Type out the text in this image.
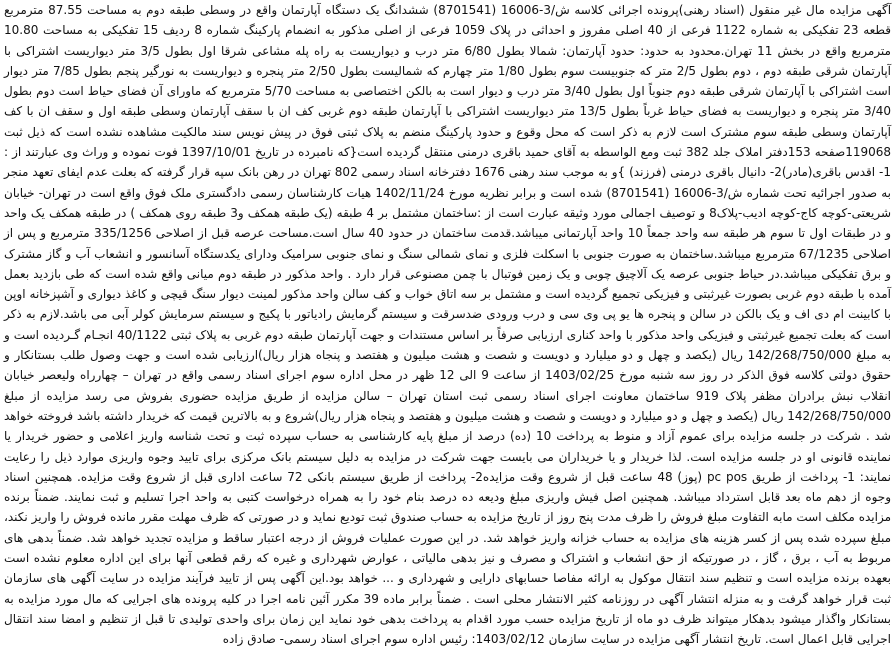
آگهی مزایده مال غیر منقول (اسناد رهنی)پرونده اجرائی کلاسه ش/3-16006 (8701541) ششدانگ یک دستگاه آپارتمان واقع در وسطی طبقه دوم به مساحت 87.55 مترمربع قطعه 23 تفکیکی به شماره 1122 فرعی از 40 اصلی مفروز و احداثی در پلاک 1059 فرعی از اصلی مذکور به انضمام پارکینگ شماره 8 ردیف 15 تفکیکی به مساحت 10.80 مترمربع واقع در بخش 11 تهران.محدود به حدود: حدود آپارتمان: شمالا بطول 6/80 متر درب و دیواریست به راه پله مشاعی شرقا اول بطول 3/5 متر دیواریست اشتراکی با آپارتمان شرقی طبقه دوم ، دوم بطول 2/5 متر که جنوبیست سوم بطول 1/80 متر چهارم که شمالیست بطول 2/50 متر پنجره و دیواریست به نورگیر پنجم بطول 7/85 متر دیوار است اشتراکی با آپارتمان شرقی طبقه دوم جنوباً اول بطول 3/40 متر درب و دیوار است به بالکن اختصاصی به مساحت 5/70 مترمربع که ماورای آن فضای حیاط است دوم بطول 3/40 متر پنجره و دیواریست به فضای حیاط غرباً بطول 13/5 متر دیواریست اشتراکی با آپارتمان طبقه دوم غربی کف ان با سقف آپارتمان وسطی طبقه اول و سقف ان با کف آپارتمان وسطی طبقه سوم مشترک است لازم به ذکر است که محل وقوع و حدود پارکینگ منضم به پلاک ثبتی فوق در پیش نویس سند مالکیت مشاهده نشده است که ذیل ثبت 119068صفحه 153دفتر املاک جلد 382 ثبت ومع الواسطه به آقای حمید باقری درمنی منتقل گردیده است{که نامبرده در تاریخ 1397/10/01 فوت نموده و وراث وی عبارتند از : 1- اقدس باقری(مادر)2- دانیال باقری درمنی (فرزند) }و به موجب سند رهنی 1676 دفترخانه اسناد رسمی 802 تهران در رهن بانک سپه قرار گرفته که بعلت عدم ایفای تعهد منجر به صدور اجرائیه تحت شماره ش/3-16006 (8701541) شده است و برابر نظریه مورخ 1402/11/24 هیات کارشناسان رسمی دادگستری ملک فوق واقع است در تهران- خیابان شریعتی-کوچه کاج-کوچه ادیب-پلاک8 و توصیف اجمالی مورد وثیقه عبارت است از :ساختمان مشتمل بر 4 طبقه (یک طبقه همکف و3 طبقه روی همکف ) در طبقه همکف یک واحد و در طبقات اول تا سوم هر طبقه سه واحد جمعاً 10 واحد آپارتمانی میباشد.قدمت ساختمان در حدود 40 سال است.مساحت عرصه قبل از اصلاحی 335/1256 مترمربع و پس از اصلاحی 67/1235 مترمربع میباشد.ساختمان به صورت جنوبی با اسکلت فلزی و نمای شمالی سنگ و نمای جنوبی سرامیک ودارای یکدستگاه آسانسور و انشعاب آب و گاز مشترک و برق تفکیکی میباشد.در حیاط جنوبی عرصه یک آلاچیق چوبی و یک زمین فوتبال با چمن مصنوعی قرار دارد . واحد مذکور در طبقه دوم میانی واقع شده است که طی بازدید بعمل آمده با طبقه دوم غربی بصورت غیرثبتی و فیزیکی تجمیع گردیده است و مشتمل بر سه اتاق خواب و کف سالن واحد مذکور لمینت دیوار سنگ قیچی و کاغذ دیواری و آشپزخانه اوپن با کابینت ام دی اف و یک بالکن در سالن و پنجره ها یو پی وی سی و درب ورودی ضدسرقت و سیستم گرمایش رادیاتور با پکیج و سیستم سرمایش کولر آبی می باشد.لازم به ذکر است که بعلت تجمیع غیرثبتی و فیزیکی واحد مذکور با واحد کناری ارزیابی صرفاً بر اساس مستندات و جهت آپارتمان طبقه دوم غربی به پلاک ثبتی 40/1122 انجـام گـرديده است و به مبلغ 142/268/750/000 ریال (یکصد و چهل و دو میلیارد و دویست و شصت و هشت میلیون و هفتصد و پنجاه هزار ریال)ارزیابی شده است و جهت وصول طلب بستانکار و حقوق دولتی کلاسه فوق الذکر در روز سه شنبه مورخ 1403/02/25 از ساعت 9 الی 12 ظهر در محل اداره سوم اجرای اسناد رسمی واقع در تهران – چهارراه ولیعصر خیابان انقلاب نبش برادران مظفر پلاک 919 ساختمان معاونت اجرای اسناد رسمی ثبت استان تهران – سالن مزایده از طریق مزایده حضوری بفروش می رسد مزایده از مبلغ 142/268/750/000 ریال (یکصد و چهل و دو میلیارد و دویست و شصت و هشت میلیون و هفتصد و پنجاه هزار ریال)شروع و به بالاترین قیمت که خریدار داشته باشد فروخته خواهد شد . شرکت در جلسه مزایده برای عموم آزاد و منوط به پرداخت 10 (ده) درصد از مبلغ پایه کارشناسی به حساب سپرده ثبت و تحت شناسه واریز اعلامی و حضور خریدار یا نماینده قانونی او در جلسه مزایده است. لذا خریدار و یا خریداران می بایست جهت شرکت در مزایده به دلیل سیستم بانک مرکزی برای تایید وجوه واریزی موارد ذیل را رعایت نمایند: 1- پرداخت از طریق pc pos (پوز) 48 ساعت قبل از شروع وقت مزایده2- پرداخت از طریق سیستم بانکی 72 ساعت اداری قبل از شروع وقت مزایده. همچنین اسناد وجوه از دهم ماه بعد قابل استرداد میباشد. همچنین اصل فیش واریزی مبلغ ودیعه ده درصد بنام خود را به همراه درخواست کتبی به واحد اجرا تسلیم و ثبت نمایند. ضمناً برنده مزایده مکلف است مابه التفاوت مبلغ فروش را ظرف مدت پنج روز از تاریخ مزایده به حساب صندوق ثبت تودیع نماید و در صورتی که ظرف مهلت مقرر مانده فروش را واریز نکند، مبلغ سپرده شده پس از کسر هزینه های مزایده به حساب خزانه واریز خواهد شد. در این صورت عملیات فروش از درجه اعتبار ساقط و مزایده تجدید خواهد شد. ضمناً بدهی های مربوط به آب ، برق ، گاز ، در صورتیکه از حق انشعاب و اشتراک و مصرف و نیز بدهی مالیاتی ، عوارض شهرداری و غیره که رقم قطعی آنها برای این اداره معلوم نشده است بعهده برنده مزایده است و تنظیم سند انتقال موکول به ارائه مفاصا حسابهای دارایی و شهرداری و ... خواهد بود.این آگهی پس از تایید فرآیند مزایده در سایت آگهی های سازمان ثبت قرار خواهد گرفت و به منزله انتشار آگهی در روزنامه کثیر الانتشار محلی است . ضمناً برابر ماده 39 مکرر آئین نامه اجرا در کلیه پرونده های اجرایی که مال مورد مزایده به بستانکار واگذار میشود بدهکار میتواند ظرف دو ماه از تاریخ مزایده حسب مورد اقدام به پرداخت بدهی خود نماید این زمان برای واحدی تولیدی تا قبل از تنظیم و امضا سند انتقال اجرایی قابل اعمال است. تاریخ انتشار آگهی مزایده در سایت سازمان 1403/02/12: رئیس اداره سوم اجرای اسناد رسمی- صادق زاده
